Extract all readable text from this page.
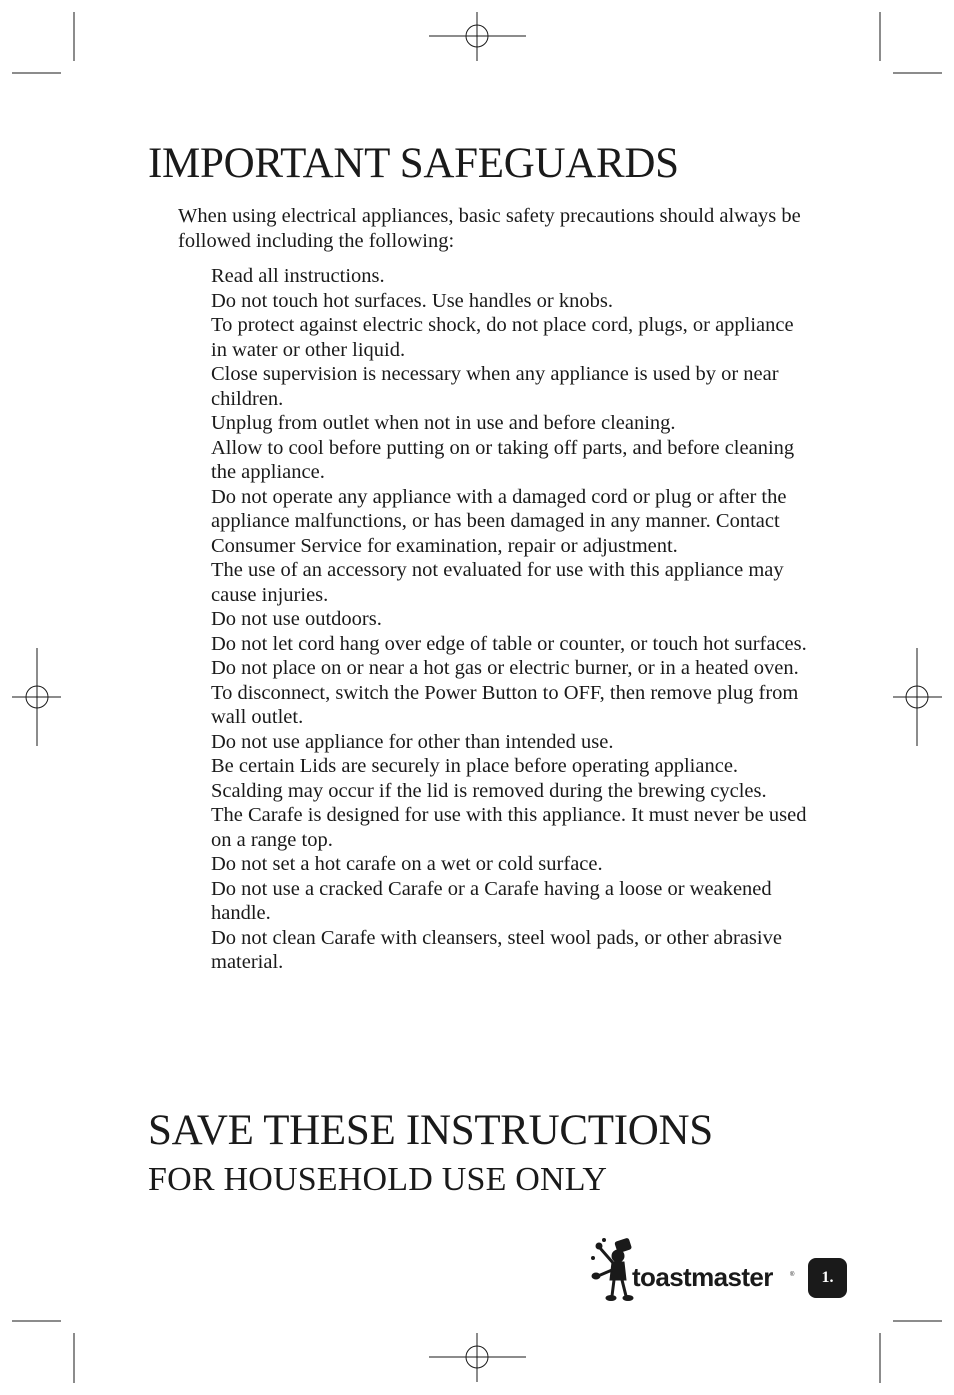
IMPORTANT SAFEGUARDS

When using electrical appliances, basic safety precautions should always be followed including the following:

Read all instructions.
Do not touch hot surfaces. Use handles or knobs.
To protect against electric shock, do not place cord, plugs, or appliance in water or other liquid.
Close supervision is necessary when any appliance is used by or near children.
Unplug from outlet when not in use and before cleaning.
Allow to cool before putting on or taking off parts, and before cleaning the appliance.
Do not operate any appliance with a damaged cord or plug or after the appliance malfunctions, or has been damaged in any manner. Contact Consumer Service for examination, repair or adjustment.
The use of an accessory not evaluated for use with this appliance may cause injuries.
Do not use outdoors.
Do not let cord hang over edge of table or counter, or touch hot surfaces.
Do not place on or near a hot gas or electric burner, or in a heated oven.
To disconnect, switch the Power Button to OFF, then remove plug from wall outlet.
Do not use appliance for other than intended use.
Be certain Lids are securely in place before operating appliance.
Scalding may occur if the lid is removed during the brewing cycles.
The Carafe is designed for use with this appliance. It must never be used on a range top.
Do not set a hot carafe on a wet or cold surface.
Do not use a cracked Carafe or a Carafe having a loose or weakened handle.
Do not clean Carafe with cleansers, steel wool pads, or other abrasive material.
SAVE THESE INSTRUCTIONS
FOR HOUSEHOLD USE ONLY
toastmaster	® 1.
